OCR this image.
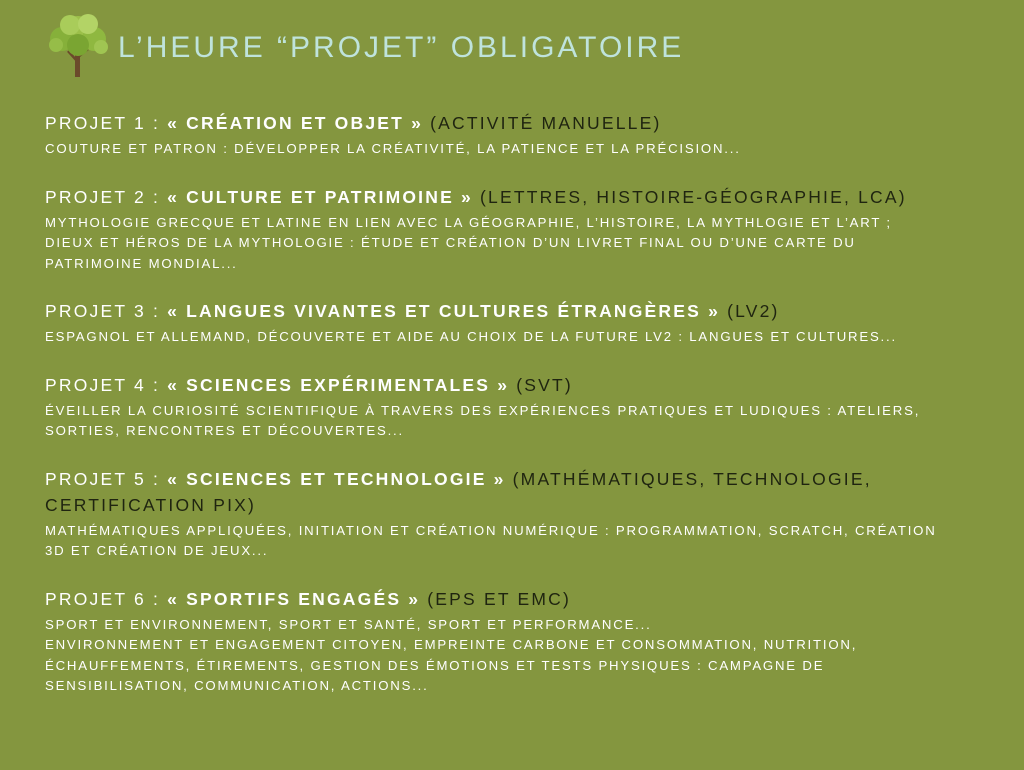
L’HEURE “PROJET” OBLIGATOIRE

PROJET 1 : « CRÉATION ET OBJET » (ACTIVITÉ MANUELLE)

COUTURE ET PATRON : DÉVELOPPER LA CRÉATIVITÉ, LA PATIENCE ET LA PRÉCISION...

PROJET 2 : « CULTURE ET PATRIMOINE » (LETTRES, HISTOIRE-GÉOGRAPHIE, LCA)

MYTHOLOGIE GRECQUE ET LATINE EN LIEN AVEC LA GÉOGRAPHIE, L’HISTOIRE, LA MYTHLOGIE ET L’ART ;

DIEUX ET HÉROS DE LA MYTHOLOGIE : ÉTUDE ET CRÉATION D’UN LIVRET FINAL OU D’UNE CARTE DU

PATRIMOINE MONDIAL...

PROJET 3 : « LANGUES VIVANTES ET CULTURES ÉTRANGÈRES » (LV2)

ESPAGNOL ET ALLEMAND, DÉCOUVERTE ET AIDE AU CHOIX DE LA FUTURE LV2 : LANGUES ET CULTURES...

PROJET 4 : « SCIENCES EXPÉRIMENTALES » (SVT)

ÉVEILLER LA CURIOSITÉ SCIENTIFIQUE À TRAVERS DES EXPÉRIENCES PRATIQUES ET LUDIQUES : ATELIERS,

SORTIES, RENCONTRES ET DÉCOUVERTES...

PROJET 5 : « SCIENCES ET TECHNOLOGIE » (MATHÉMATIQUES, TECHNOLOGIE, CERTIFICATION PIX)

MATHÉMATIQUES APPLIQUÉES, INITIATION ET CRÉATION NUMÉRIQUE : PROGRAMMATION, SCRATCH, CRÉATION

3D ET CRÉATION DE JEUX...

PROJET 6 : « SPORTIFS ENGAGÉS » (EPS ET EMC)

SPORT ET ENVIRONNEMENT, SPORT ET SANTÉ, SPORT ET PERFORMANCE...

ENVIRONNEMENT ET ENGAGEMENT CITOYEN, EMPREINTE CARBONE ET CONSOMMATION, NUTRITION,

ÉCHAUFFEMENTS, ÉTIREMENTS, GESTION DES ÉMOTIONS ET TESTS PHYSIQUES : CAMPAGNE DE

SENSIBILISATION, COMMUNICATION, ACTIONS...
